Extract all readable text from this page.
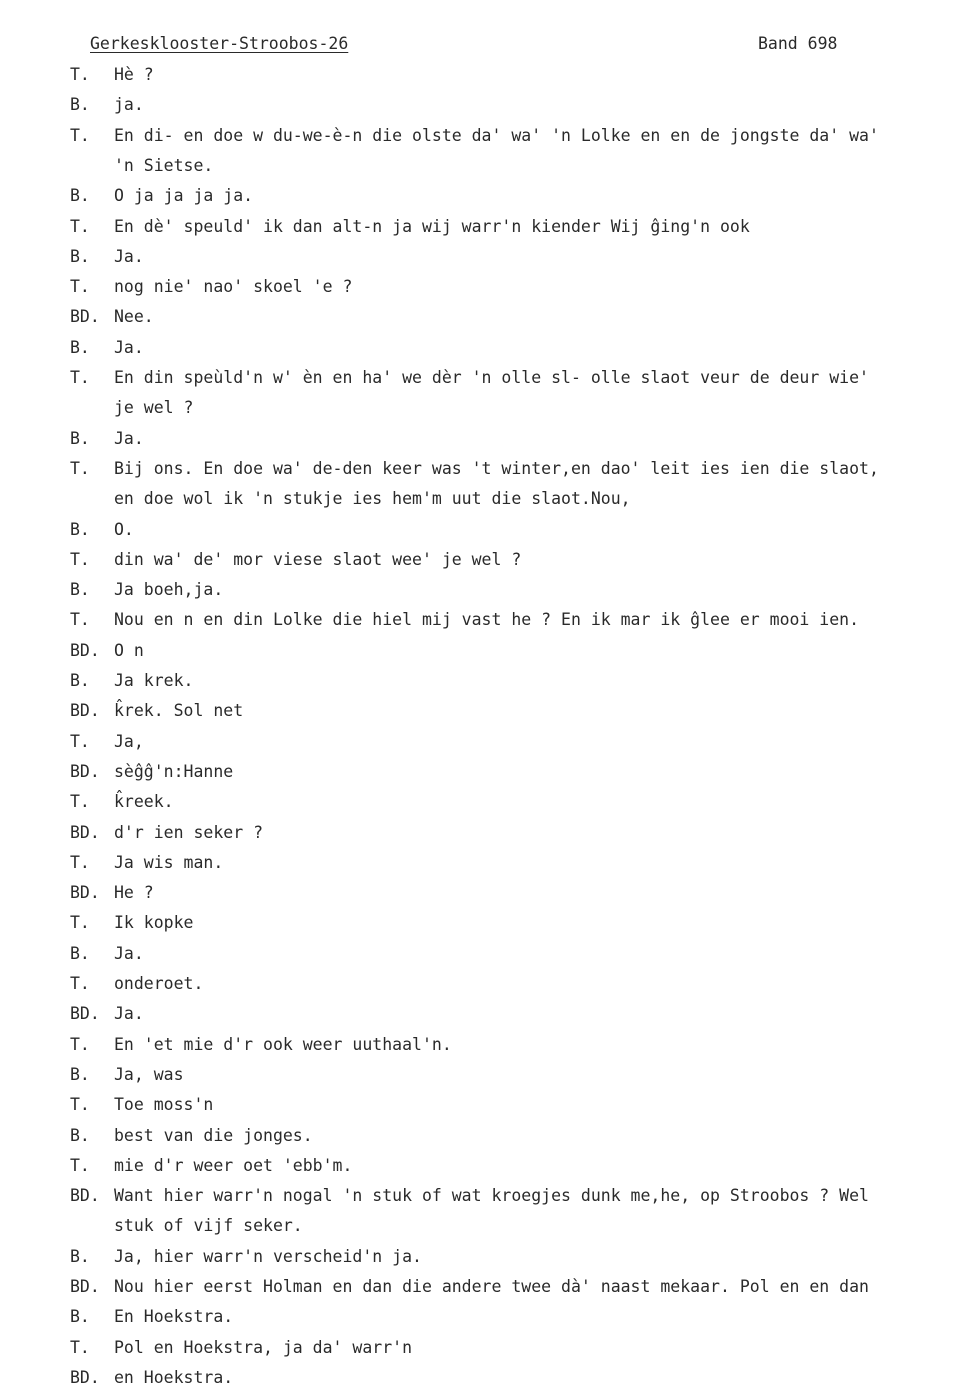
Gerkesklooster-Stroobos-26	Band 698
T. Hè ?
B. ja.
T. En di- en doe w du-we-è-n die olste da' wa' 'n Lolke en en de jongste da' wa'
'n Sietse.
B. O ja ja ja ja.
T. En dè' speuld' ik dan alt-n ja wij warr'n kiender Wij ĝing'n ook
B. Ja.
T. nog nie' nao' skoel 'e ?
BD. Nee.
B. Ja.
T. En din speùld'n w' èn en ha' we dèr 'n olle sl- olle slaot veur de deur wie'
je wel ?
B. Ja.
T. Bij ons. En doe wa' de-den keer was 't winter,en dao' leit ies ien die slaot,
en doe wol ik 'n stukje ies hem'm uut die slaot.Nou,
B. O.
T. din wa' de' mor viese slaot wee' je wel ?
B. Ja boeh,ja.
T. Nou en n en din Lolke die hiel mij vast he ? En ik mar ik ĝlee er mooi ien.
BD. O n
B. Ja krek.
BD. k̂rek. Sol net
T. Ja,
BD. sèĝĝ'n:Hanne
T. k̂reek.
BD. d'r ien seker ?
T. Ja wis man.
BD. He ?
T. Ik kopke
B. Ja.
T. onderoet.
BD. Ja.
T. En 'et mie d'r ook weer uuthaal'n.
B. Ja, was
T. Toe moss'n
B. best van die jonges.
T. mie d'r weer oet 'ebb'm.
BD. Want hier warr'n nogal 'n stuk of wat kroegjes dunk me,he, op Stroobos ? Wel
stuk of vijf seker.
B. Ja, hier warr'n verscheid'n ja.
BD. Nou hier eerst Holman en dan die andere twee dà' naast mekaar. Pol en en dan
B. En Hoekstra.
T. Pol en Hoekstra, ja da' warr'n
BD. en Hoekstra.
